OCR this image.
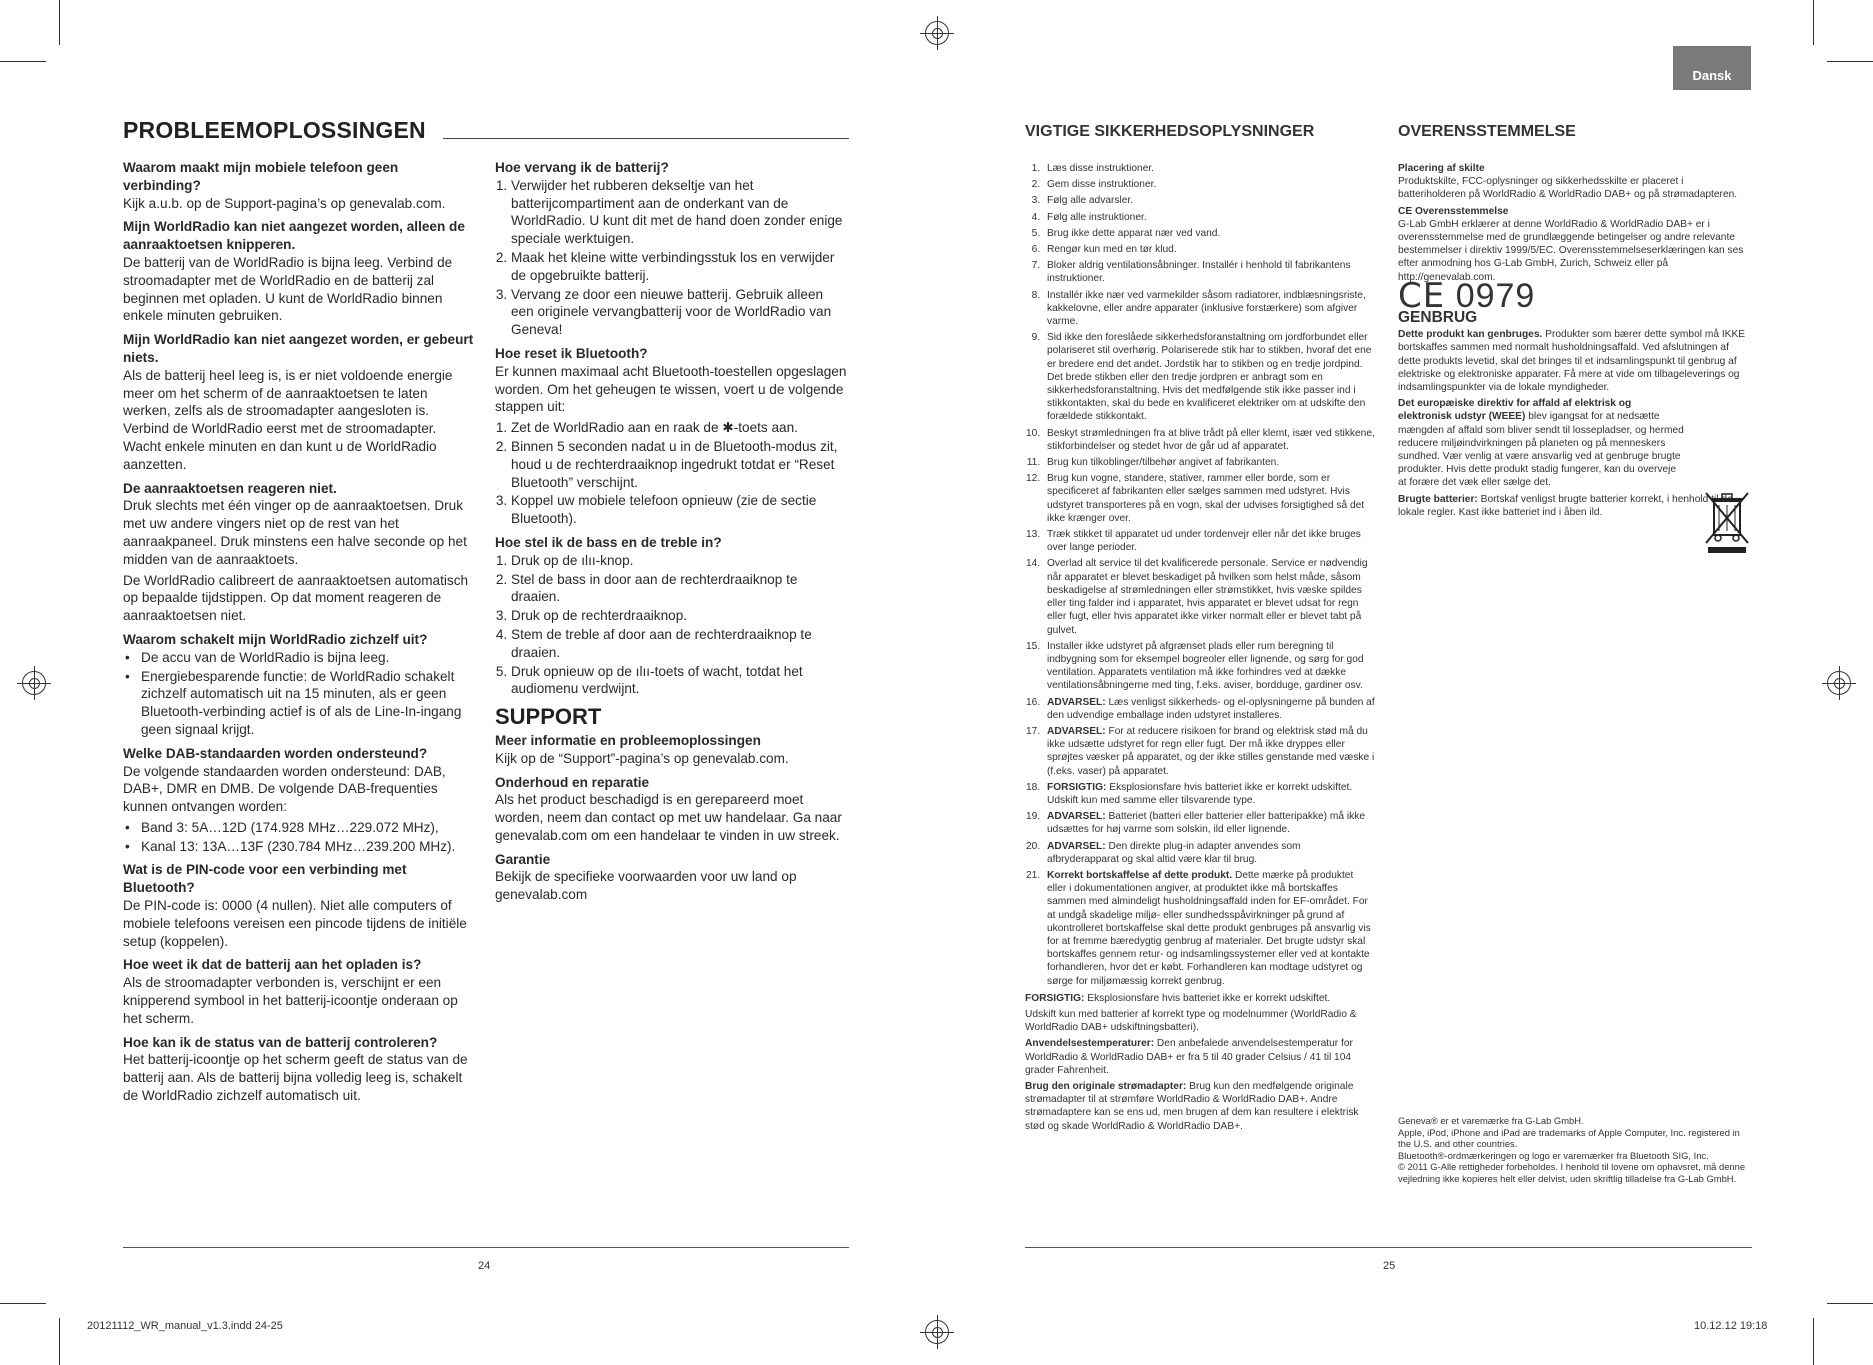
Dansk
PROBLEEMOPLOSSINGEN
Waarom maakt mijn mobiele telefoon geen verbinding?

Kijk a.u.b. op de Support-pagina’s op genevalab.com.

Mijn WorldRadio kan niet aangezet worden, alleen de aanraaktoetsen knipperen.

De batterij van de WorldRadio is bijna leeg. Verbind de stroomadapter met de WorldRadio en de batterij zal beginnen met opladen. U kunt de WorldRadio binnen enkele minuten gebruiken.

Mijn WorldRadio kan niet aangezet worden, er gebeurt niets.

Als de batterij heel leeg is, is er niet voldoende energie meer om het scherm of de aanraaktoetsen te laten werken, zelfs als de stroomadapter aangesloten is. Verbind de WorldRadio eerst met de stroomadapter. Wacht enkele minuten en dan kunt u de WorldRadio aanzetten.

De aanraaktoetsen reageren niet.

Druk slechts met één vinger op de aanraaktoetsen. Druk met uw andere vingers niet op de rest van het aanraakpaneel. Druk minstens een halve seconde op het midden van de aanraaktoets.

De WorldRadio calibreert de aanraaktoetsen automatisch op bepaalde tijdstippen. Op dat moment reageren de aanraaktoetsen niet.

Waarom schakelt mijn WorldRadio zichzelf uit?
• De accu van de WorldRadio is bijna leeg.
• Energiebesparende functie: de WorldRadio schakelt zichzelf automatisch uit na 15 minuten, als er geen Bluetooth-verbinding actief is of als de Line-In-ingang geen signaal krijgt.
Welke DAB-standaarden worden ondersteund?

De volgende standaarden worden ondersteund: DAB, DAB+, DMR en DMB. De volgende DAB-frequenties kunnen ontvangen worden:

• Band 3: 5A…12D (174.928 MHz…229.072 MHz),
• Kanal 13: 13A…13F (230.784 MHz…239.200 MHz).
Wat is de PIN-code voor een verbinding met Bluetooth?

De PIN-code is: 0000 (4 nullen). Niet alle computers of mobiele telefoons vereisen een pincode tijdens de initiële setup (koppelen).

Hoe weet ik dat de batterij aan het opladen is?

Als de stroomadapter verbonden is, verschijnt er een knipperend symbool in het batterij-icoontje onderaan op het scherm.

Hoe kan ik de status van de batterij controleren?

Het batterij-icoontje op het scherm geeft de status van de batterij aan. Als de batterij bijna volledig leeg is, schakelt de WorldRadio zichzelf automatisch uit.

Hoe vervang ik de batterij?
1. Verwijder het rubberen dekseltje van het batterijcompartiment aan de onderkant van de WorldRadio. U kunt dit met de hand doen zonder enige speciale werktuigen.
2. Maak het kleine witte verbindingsstuk los en verwijder de opgebruikte batterij.
3. Vervang ze door een nieuwe batterij. Gebruik alleen een originele vervangbatterij voor de WorldRadio van Geneva!
Hoe reset ik Bluetooth?

Er kunnen maximaal acht Bluetooth-toestellen opgeslagen worden. Om het geheugen te wissen, voert u de volgende stappen uit:

1. Zet de WorldRadio aan en raak de ✱-toets aan.
2. Binnen 5 seconden nadat u in de Bluetooth-modus zit, houd u de rechterdraaiknop ingedrukt totdat er “Reset Bluetooth” verschijnt.
3. Koppel uw mobiele telefoon opnieuw (zie de sectie Bluetooth).
Hoe stel ik de bass en de treble in?
1. Druk op de ılıı-knop.
2. Stel de bass in door aan de rechterdraaiknop te draaien.
3. Druk op de rechterdraaiknop.
4. Stem de treble af door aan de rechterdraaiknop te draaien.
5. Druk opnieuw op de ılıı-toets of wacht, totdat het audiomenu verdwijnt.
SUPPORT
Meer informatie en probleemoplossingen

Kijk op de “Support”-pagina’s op genevalab.com.

Onderhoud en reparatie

Als het product beschadigd is en gerepareerd moet worden, neem dan contact op met uw handelaar. Ga naar genevalab.com om een handelaar te vinden in uw streek.

Garantie

Bekijk de specifieke voorwaarden voor uw land op genevalab.com

24
VIGTIGE SIKKERHEDSOPLYSNINGER	OVERENSSTEMMELSE
1. Læs disse instruktioner.
2. Gem disse instruktioner.
3. Følg alle advarsler.
4. Følg alle instruktioner.
5. Brug ikke dette apparat nær ved vand.
6. Rengør kun med en tør klud.
7. Bloker aldrig ventilationsåbninger. Installér i henhold til fabrikantens instruktioner.
8. Installér ikke nær ved varmekilder såsom radiatorer, indblæsningsriste, kakkelovne, eller andre apparater (inklusive forstærkere) som afgiver varme.
9. Sid ikke den foreslåede sikkerhedsforanstaltning om jordforbundet eller polariseret stil overhørig. Polariserede stik har to stikben, hvoraf det ene er bredere end det andet. Jordstik har to stikben og en tredje jordpind. Det brede stikben eller den tredje jordpren er anbragt som en sikkerhedsforanstaltning. Hvis det medfølgende stik ikke passer ind i stikkontakten, skal du bede en kvalificeret elektriker om at udskifte den forældede stikkontakt.
10. Beskyt strømledningen fra at blive trådt på eller klemt, især ved stikkene, stikforbindelser og stedet hvor de går ud af apparatet.
11. Brug kun tilkoblinger/tilbehør angivet af fabrikanten.
12. Brug kun vogne, standere, stativer, rammer eller borde, som er specificeret af fabrikanten eller sælges sammen med udstyret. Hvis udstyret transporteres på en vogn, skal der udvises forsigtighed så det ikke krænger over.
13. Træk stikket til apparatet ud under tordenvejr eller når det ikke bruges over lange perioder.
14. Overlad alt service til det kvalificerede personale. Service er nødvendig når apparatet er blevet beskadiget på hvilken som helst måde, såsom beskadigelse af strømledningen eller strømstikket, hvis væske spildes eller ting falder ind i apparatet, hvis apparatet er blevet udsat for regn eller fugt, eller hvis apparatet ikke virker normalt eller er blevet tabt på gulvet.
15. Installer ikke udstyret på afgrænset plads eller rum beregning til indbygning som for eksempel bogreoler eller lignende, og sørg for god ventilation. Apparatets ventilation må ikke forhindres ved at dække ventilationsåbningerne med ting, f.eks. aviser, bordduge, gardiner osv.
16. ADVARSEL: Læs venligst sikkerheds- og el-oplysningerne på bunden af den udvendige emballage inden udstyret installeres.
17. ADVARSEL: For at reducere risikoen for brand og elektrisk stød må du ikke udsætte udstyret for regn eller fugt. Der må ikke dryppes eller sprøjtes væsker på apparatet, og der ikke stilles genstande med væske i (f.eks. vaser) på apparatet.
18. FORSIGTIG: Eksplosionsfare hvis batteriet ikke er korrekt udskiftet. Udskift kun med samme eller tilsvarende type.
19. ADVARSEL: Batteriet (batteri eller batterier eller batteripakke) må ikke udsættes for høj varme som solskin, ild eller lignende.
20. ADVARSEL: Den direkte plug-in adapter anvendes som afbryderapparat og skal altid være klar til brug.
21. Korrekt bortskaffelse af dette produkt. Dette mærke på produktet eller i dokumentationen angiver, at produktet ikke må bortskaffes sammen med almindeligt husholdningsaffald inden for EF-området. For at undgå skadelige miljø- eller sundhedsspåvirkninger på grund af ukontrolleret bortskaffelse skal dette produkt genbruges på ansvarlig vis for at fremme bæredygtig genbrug af materialer. Det brugte udstyr skal bortskaffes gennem retur- og indsamlingssystemer eller ved at kontakte forhandleren, hvor det er købt. Forhandleren kan modtage udstyret og sørge for miljømæssig korrekt genbrug.

FORSIGTIG: Eksplosionsfare hvis batteriet ikke er korrekt udskiftet.

Udskift kun med batterier af korrekt type og modelnummer (WorldRadio & WorldRadio DAB+ udskiftningsbatteri).

Anvendelsestemperaturer: Den anbefalede anvendelsestemperatur for WorldRadio & WorldRadio DAB+ er fra 5 til 40 grader Celsius / 41 til 104 grader Fahrenheit.

Brug den originale strømadapter: Brug kun den medfølgende originale strømadapter til at strømføre WorldRadio & WorldRadio DAB+. Andre strømadaptere kan se ens ud, men brugen af dem kan resultere i elektrisk stød og skade WorldRadio & WorldRadio DAB+.

Placering af skilte

Produktskilte, FCC-oplysninger og sikkerhedsskilte er placeret i batteriholderen på WorldRadio & WorldRadio DAB+ og på strømadapteren.

CE Overensstemmelse

G-Lab GmbH erklærer at denne WorldRadio & WorldRadio DAB+ er i overensstemmelse med de grundlæggende betingelser og andre relevante bestemmelser i direktiv 1999/5/EC. Overensstemmelseserklæringen kan ses efter anmodning hos G-Lab GmbH, Zurich, Schweiz eller på http://genevalab.com.

CE 0979
GENBRUG

Dette produkt kan genbruges. Produkter som bærer dette symbol må IKKE bortskaffes sammen med normalt husholdningsaffald. Ved afslutningen af dette produkts levetid, skal det bringes til et indsamlingspunkt til genbrug af elektriske og elektroniske apparater. Få mere at vide om tilbageleverings og indsamlingspunkter via de lokale myndigheder.

Det europæiske direktiv for affald af elektrisk og elektronisk udstyr (WEEE) blev igangsat for at nedsætte mængden af affald som bliver sendt til lossepladser, og hermed reducere miljøindvirkningen på planeten og på menneskers sundhed. Vær venlig at være ansvarlig ved at genbruge brugte produkter. Hvis dette produkt stadig fungerer, kan du overveje at forære det væk eller sælge det.

Brugte batterier: Bortskaf venligst brugte batterier korrekt, i henhold til de lokale regler. Kast ikke batteriet ind i åben ild.

Geneva® er et varemærke fra G-Lab GmbH.
Apple, iPod, iPhone and iPad are trademarks of Apple Computer, Inc. registered in the U.S. and other countries.
Bluetooth®-ordmærkeringen og logo er varemærker fra Bluetooth SIG, Inc.
© 2011 G-Alle rettigheder forbeholdes. I henhold til lovene om ophavsret, må denne vejledning ikke kopieres helt eller delvist, uden skriftlig tilladelse fra G-Lab GmbH.
25
20121112_WR_manual_v1.3.indd 24-25	10.12.12 19:18
